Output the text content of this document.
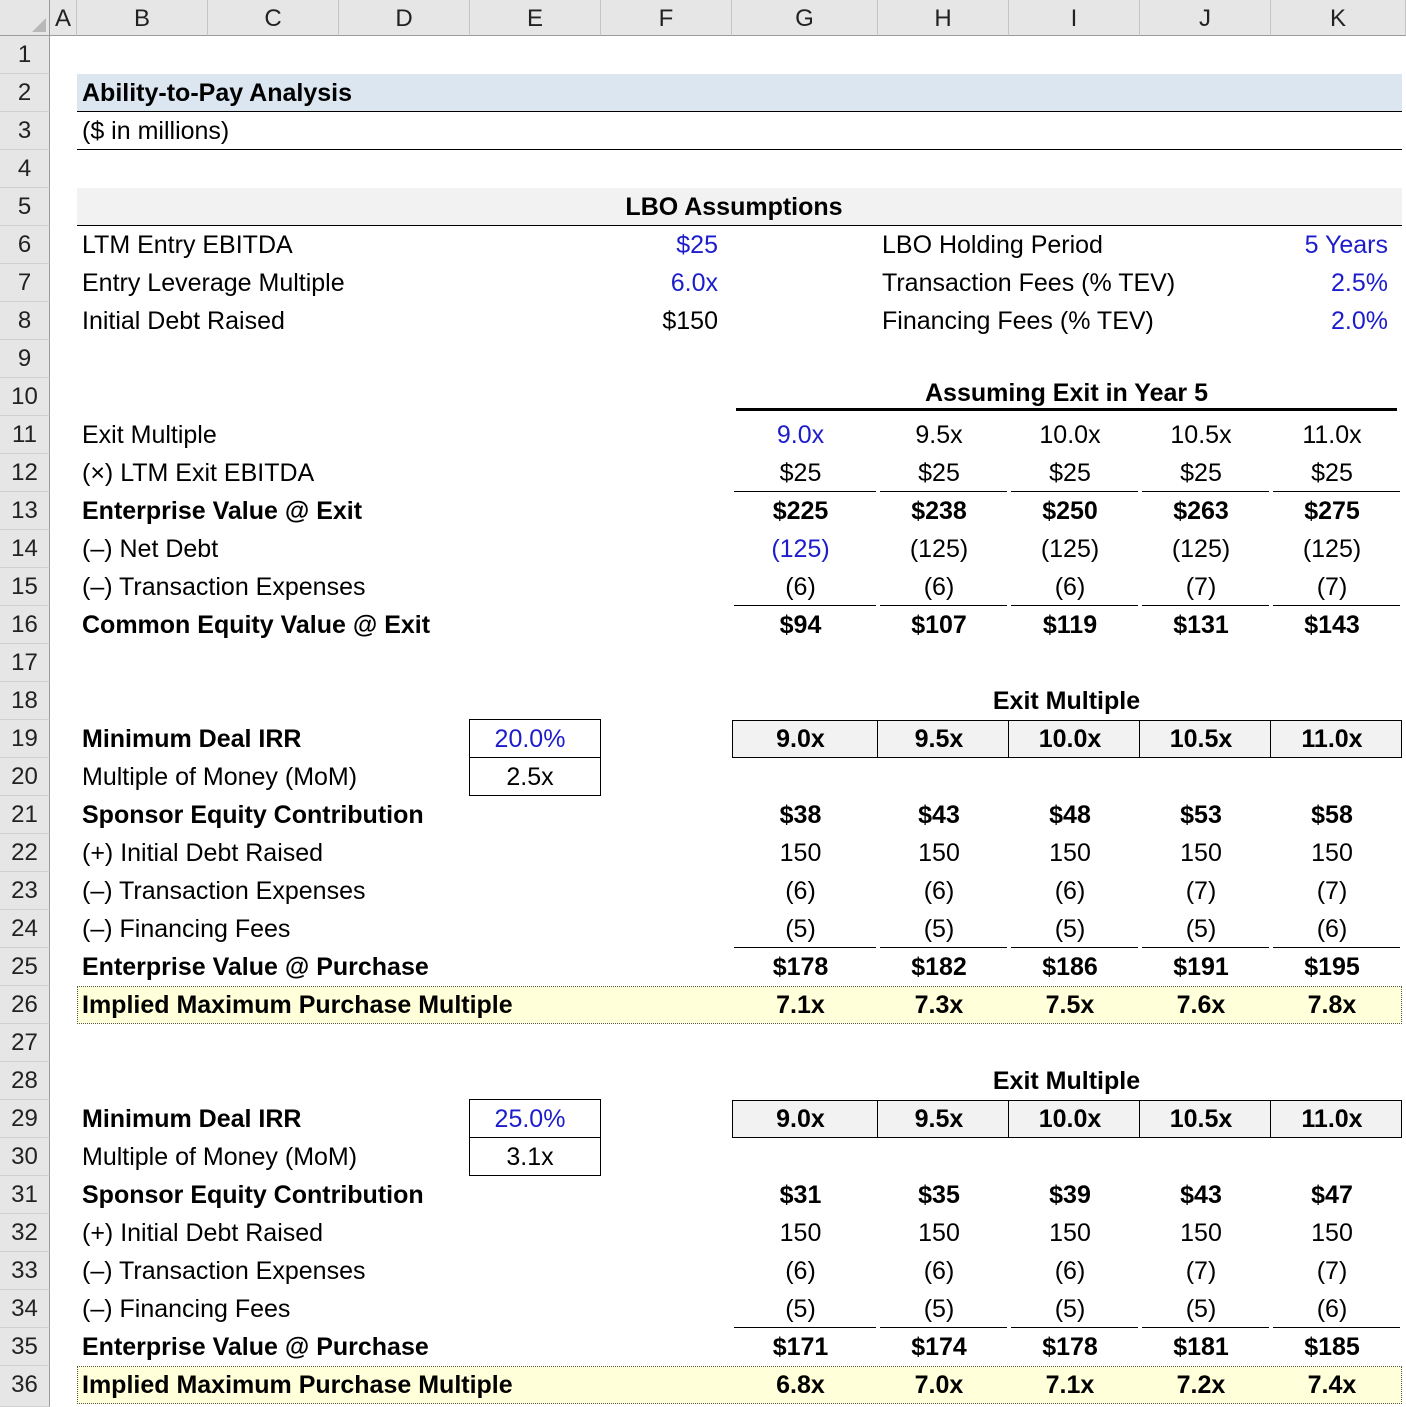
A	B	C	D	E	F	G	H	I	J	K
1
2
3
4
5
6
7
8
9
10
11
12
13
14
15
16
17
18
19
20
21
22
23
24
25
26
27
28
29
30
31
32
33
34
35
36
Ability-to-Pay Analysis
($ in millions)
LBO Assumptions
LTM Entry EBITDA	$25	LBO Holding Period	5 Years
Entry Leverage Multiple	6.0x	Transaction Fees (% TEV)	2.5%
Initial Debt Raised	$150	Financing Fees (% TEV)	2.0%
Assuming Exit in Year 5
Exit Multiple	9.0x	9.5x	10.0x	10.5x	11.0x
(×) LTM Exit EBITDA	$25	$25	$25	$25	$25
Enterprise Value @ Exit	$225	$238	$250	$263	$275
(–) Net Debt	(125)	(125)	(125)	(125)	(125)
(–) Transaction Expenses	(6)	(6)	(6)	(7)	(7)
Common Equity Value @ Exit	$94	$107	$119	$131	$143
Exit Multiple
9.0x	9.5x	10.0x	10.5x	11.0x
Minimum Deal IRR	20.0%
Multiple of Money (MoM)	2.5x
Sponsor Equity Contribution	$38	$43	$48	$53	$58
(+) Initial Debt Raised	150	150	150	150	150
(–) Transaction Expenses	(6)	(6)	(6)	(7)	(7)
(–) Financing Fees	(5)	(5)	(5)	(5)	(6)
Enterprise Value @ Purchase	$178	$182	$186	$191	$195
Implied Maximum Purchase Multiple	7.1x	7.3x	7.5x	7.6x	7.8x
Exit Multiple
9.0x	9.5x	10.0x	10.5x	11.0x
Minimum Deal IRR	25.0%
Multiple of Money (MoM)	3.1x
Sponsor Equity Contribution	$31	$35	$39	$43	$47
(+) Initial Debt Raised	150	150	150	150	150
(–) Transaction Expenses	(6)	(6)	(6)	(7)	(7)
(–) Financing Fees	(5)	(5)	(5)	(5)	(6)
Enterprise Value @ Purchase	$171	$174	$178	$181	$185
Implied Maximum Purchase Multiple	6.8x	7.0x	7.1x	7.2x	7.4x
